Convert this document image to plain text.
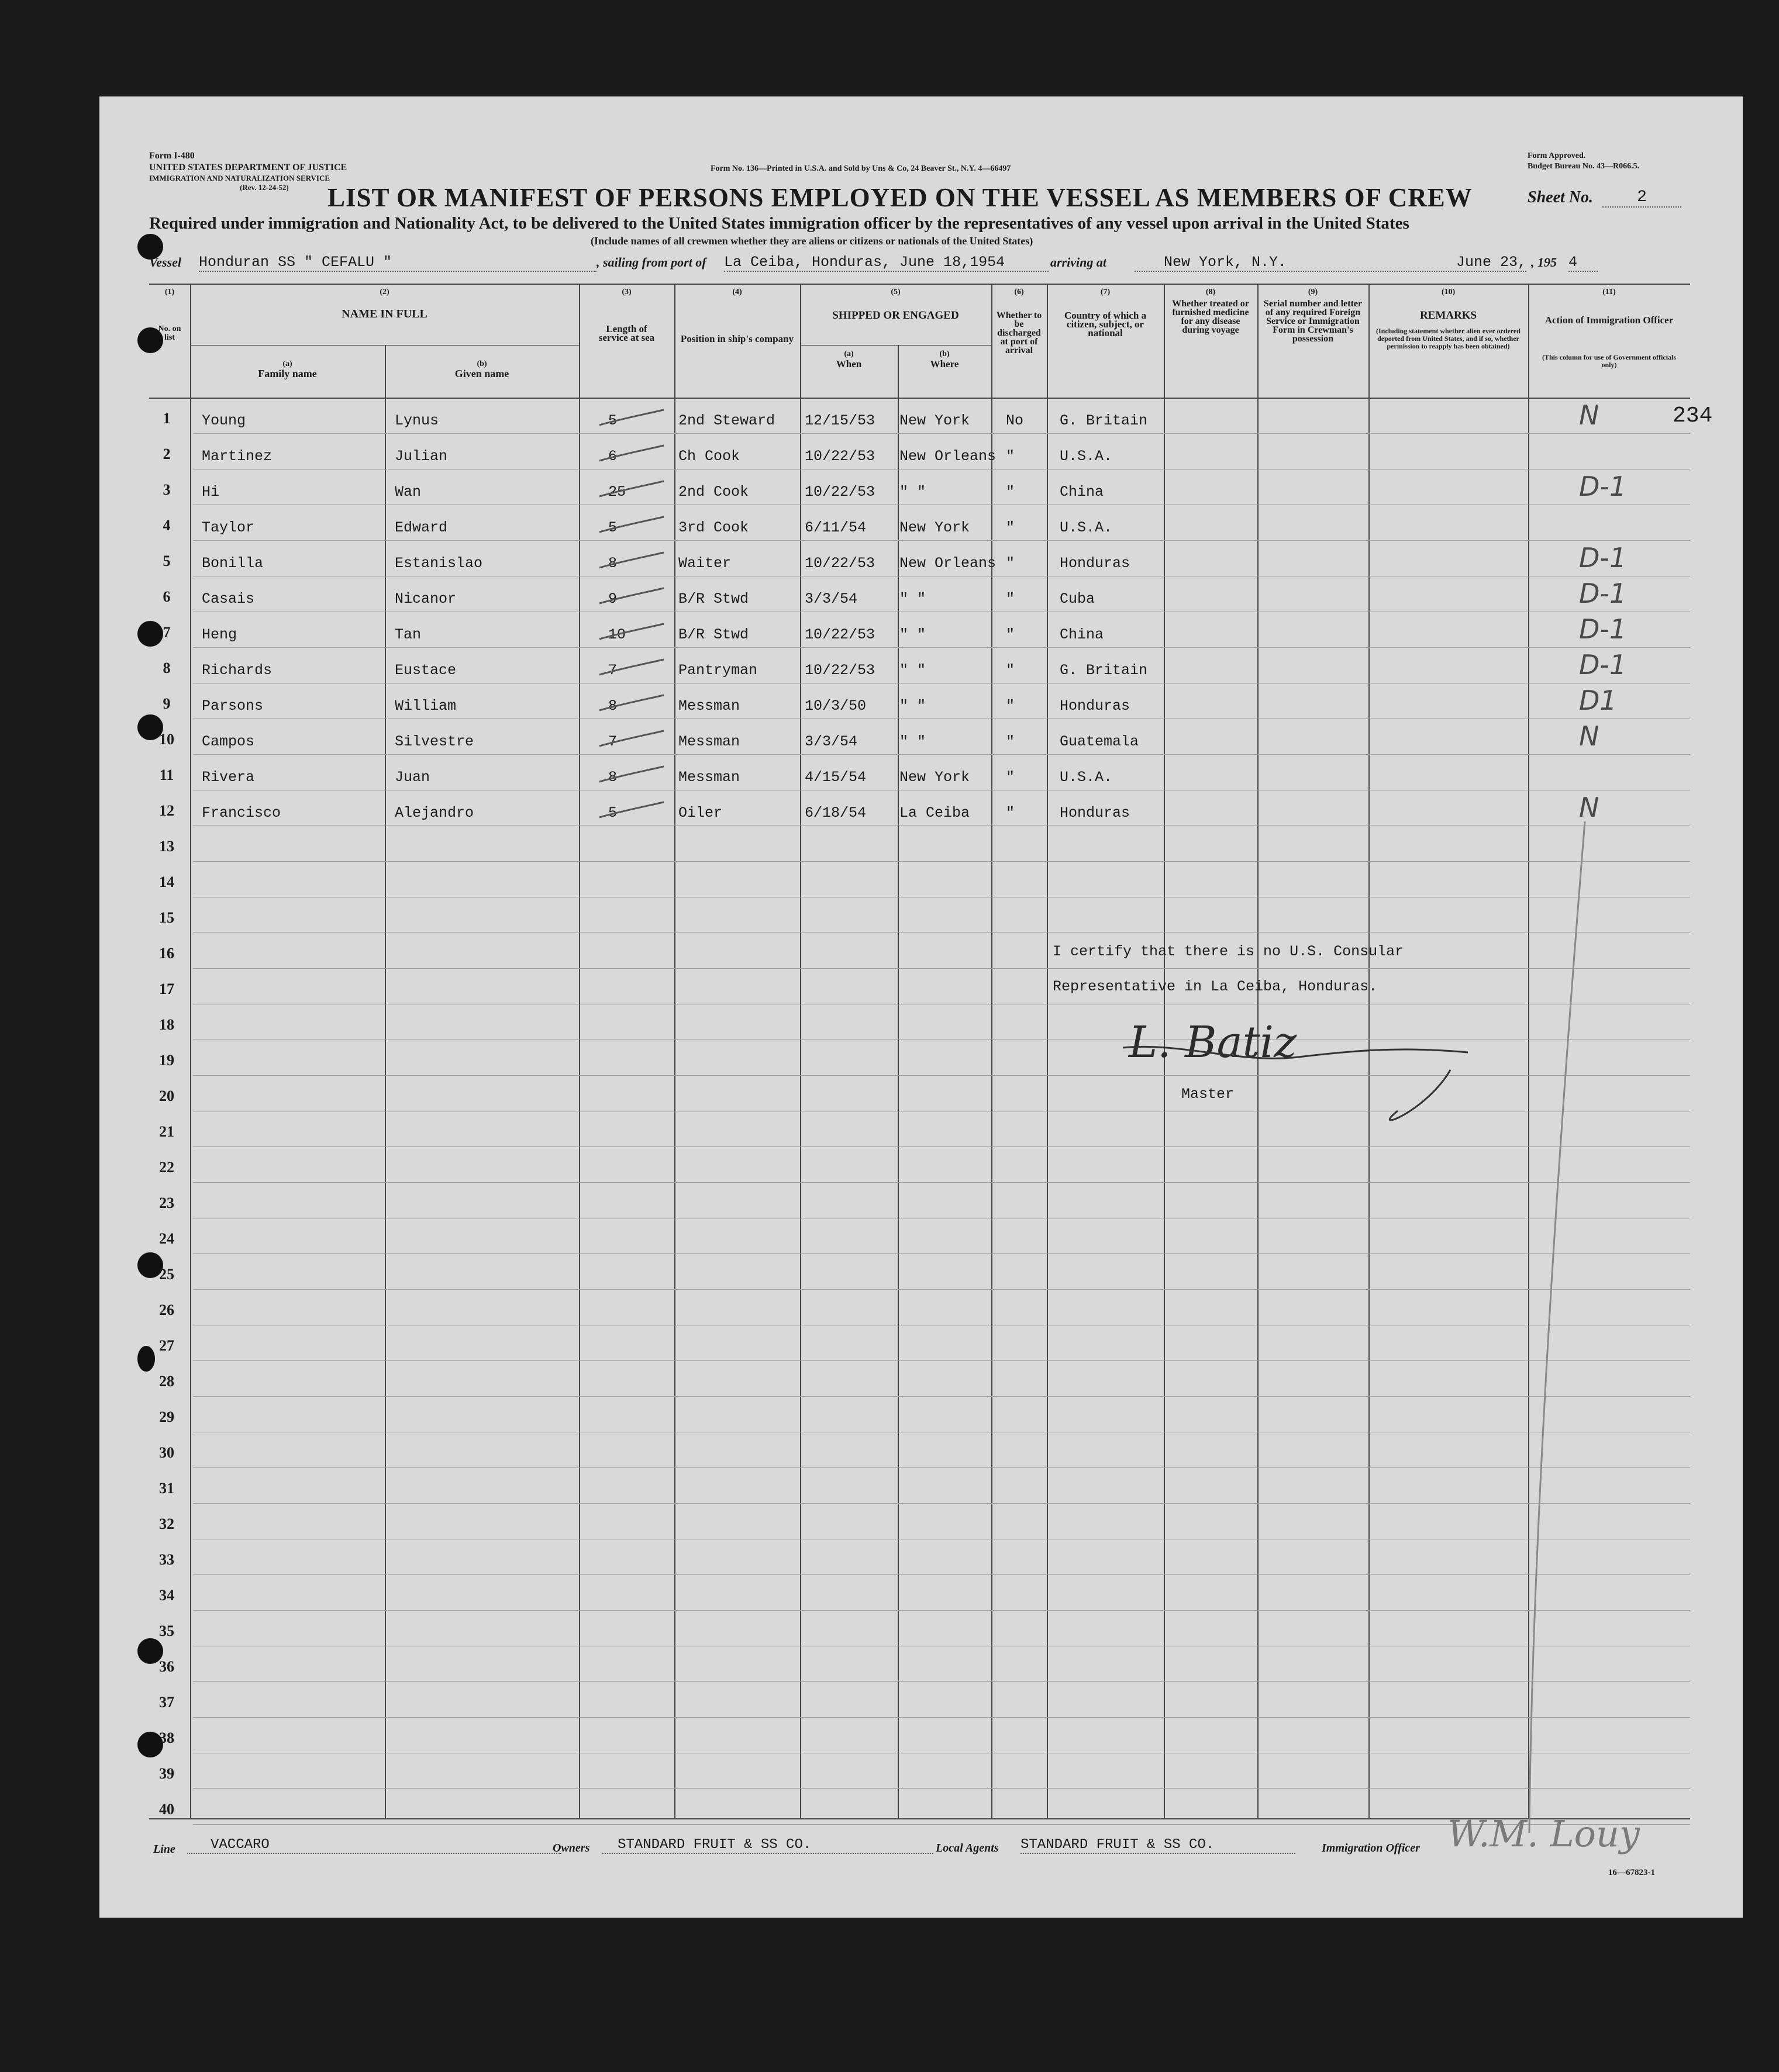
Form I-480
UNITED STATES DEPARTMENT OF JUSTICE
IMMIGRATION AND NATURALIZATION SERVICE
(Rev. 12-24-52)
Form No. 136—Printed in U.S.A. and Sold by Uns & Co, 24 Beaver St., N.Y. 4—66497
Form Approved.
Budget Bureau No. 43—R066.5.
LIST OR MANIFEST OF PERSONS EMPLOYED ON THE VESSEL AS MEMBERS OF CREW	Sheet No.	2
Required under immigration and Nationality Act, to be delivered to the United States immigration officer by the representatives of any vessel upon arrival in the United States
(Include names of all crewmen whether they are aliens or citizens or nationals of the United States)
Vessel Honduran SS " CEFALU "	, sailing from port of La Ceiba, Honduras, June 18,1954	arriving at	New York, N.Y.	June 23, , 195 4
(1)
No. on list
(2)
NAME IN FULL
(a)
Family name
(b)
Given name
(3)
Length of service at sea
(4)
Position in ship's company
(5)
SHIPPED OR ENGAGED
(a)
When
(b)
Where
(6)
Whether to be discharged at port of arrival
(7)
Country of which a citizen, subject, or national
(8)
Whether treated or furnished medicine for any disease during voyage
(9)
Serial number and letter of any required Foreign Service or Immigration Form in Crewman's possession
(10)
REMARKS
(Including statement whether alien ever ordered deported from United States, and if so, whether permission to reapply has been obtained)
(11)
Action of Immigration Officer
(This column for use of Government officials only)
1	Young	Lynus	5	2nd Steward 12/15/53 New York No G. Britain	N
2	Martinez	Julian	6	Ch Cook	10/22/53 New Orleans "	U.S.A.
3	Hi	Wan	25	2nd Cook	10/22/53 " "	"	China	D-1
4	Taylor	Edward	5	3rd Cook	6/11/54 New York "	U.S.A.
5	Bonilla	Estanislao	8	Waiter	10/22/53 New Orleans "	Honduras	D-1
6	Casais	Nicanor	9	B/R Stwd	3/3/54	" "	"	Cuba	D-1
7	Heng	Tan	10	B/R Stwd	10/22/53 " "	"	China	D-1
8	Richards	Eustace	7	Pantryman	10/22/53 " "	"	G. Britain	D-1
9	Parsons	William	8	Messman	10/3/50 " "	"	Honduras	D1
10	Campos	Silvestre	7	Messman	3/3/54	" "	"	Guatemala	N
11	Rivera	Juan	8	Messman	4/15/54 New York "	U.S.A.
12	Francisco	Alejandro	5	Oiler	6/18/54 La Ceiba "	Honduras	N
13
14
15
16
17
18
19
20
21
22
23
24
25
26
27
28
29
30
31
32
33
34
35
36
37
38
39
40
234
I certify that there is no U.S. Consular
Representative in La Ceiba, Honduras.
L. Batiz
Master
Line	VACCARO	Owners	STANDARD FRUIT & SS CO.	Local Agents STANDARD FRUIT & SS CO.	Immigration Officer W.M. Louy
16—67823-1
